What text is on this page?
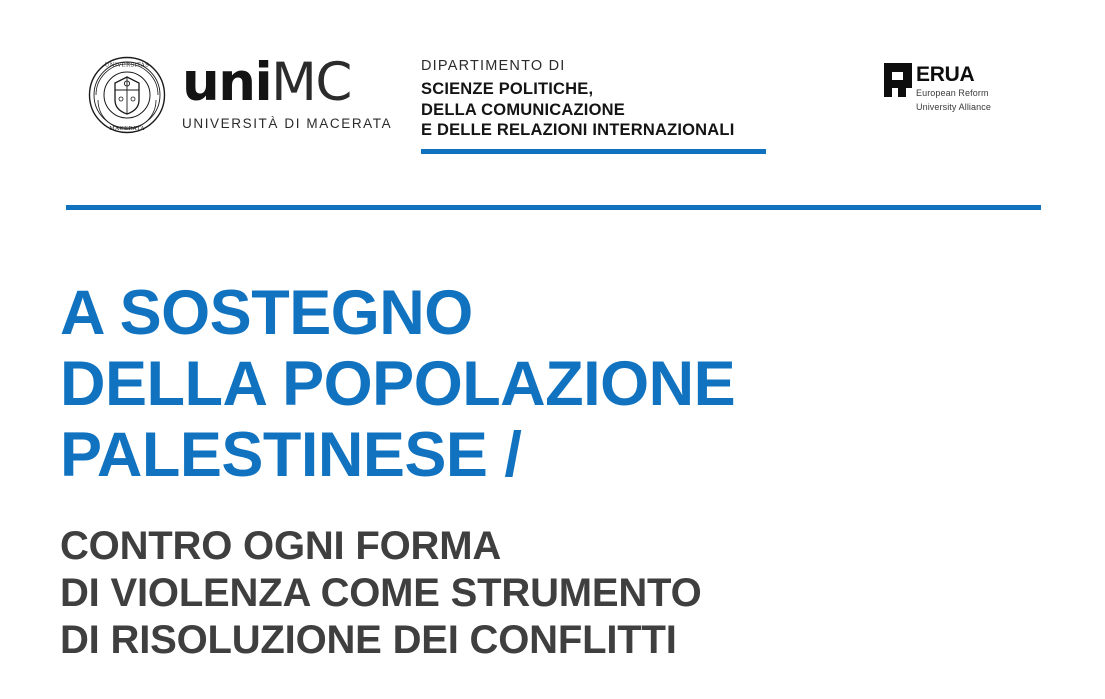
UNIVERSITAS
MACERATA
uniMC
UNIVERSITÀ DI MACERATA
DIPARTIMENTO DI
SCIENZE POLITICHE,
DELLA COMUNICAZIONE
E DELLE RELAZIONI INTERNAZIONALI
ERUA
European Reform
University Alliance
A SOSTEGNO
DELLA POPOLAZIONE
PALESTINESE /
CONTRO OGNI FORMA
DI VIOLENZA COME STRUMENTO
DI RISOLUZIONE DEI CONFLITTI
